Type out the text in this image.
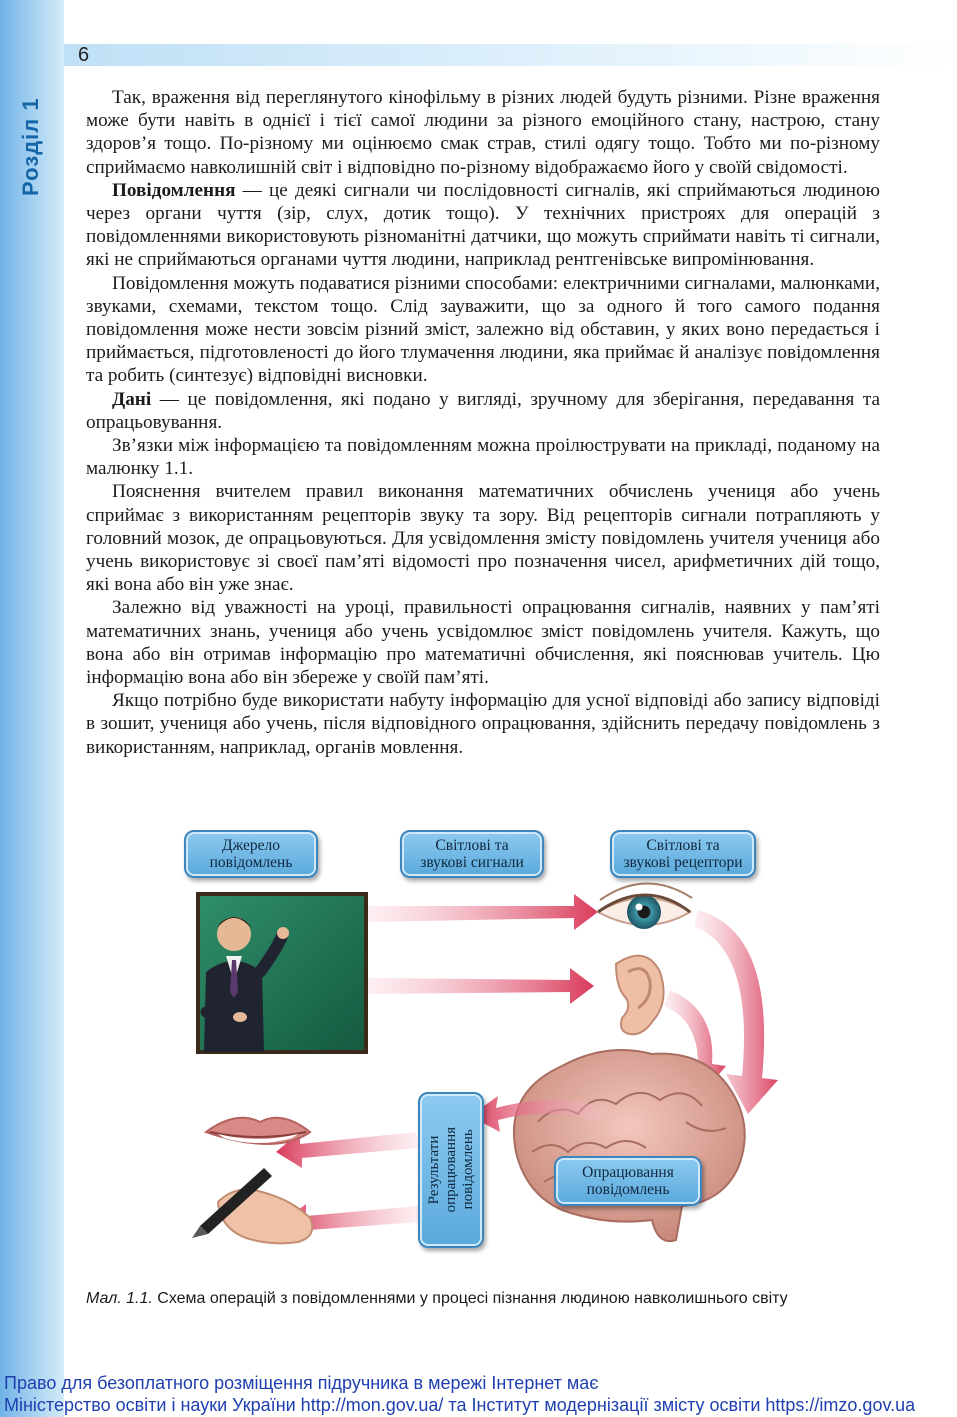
Розділ 1
6

Так, враження від переглянутого кінофільму в різних людей будуть різними. Різне враження може бути навіть в однієї і тієї самої людини за різного емоційного стану, настрою, стану здоров’я тощо. По-різному ми оцінюємо смак страв, стилі одягу тощо. Тобто ми по-різному сприймаємо навколишній світ і відповідно по-різному відображаємо його у своїй свідомості.

Повідомлення — це деякі сигнали чи послідовності сигналів, які сприймаються людиною через органи чуття (зір, слух, дотик тощо). У технічних пристроях для операцій з повідомленнями використовують різноманітні датчики, що можуть сприймати навіть ті сигнали, які не сприймаються органами чуття людини, наприклад рентгенівське випромінювання.

Повідомлення можуть подаватися різними способами: електричними сигналами, малюнками, звуками, схемами, текстом тощо. Слід зауважити, що за одного й того самого подання повідомлення може нести зовсім різний зміст, залежно від обставин, у яких воно передається і приймається, підготовленості до його тлумачення людини, яка приймає й аналізує повідомлення та робить (синтезує) відповідні висновки.

Дані — це повідомлення, які подано у вигляді, зручному для зберігання, передавання та опрацьовування.

Зв’язки між інформацією та повідомленням можна проілюструвати на прикладі, поданому на малюнку 1.1.

Пояснення вчителем правил виконання математичних обчислень учениця або учень сприймає з використанням рецепторів звуку та зору. Від рецепторів сигнали потрапляють у головний мозок, де опрацьовуються. Для усвідомлення змісту повідомлень учителя учениця або учень використовує зі своєї пам’яті відомості про позначення чисел, арифметичних дій тощо, які вона або він уже знає.

Залежно від уважності на уроці, правильності опрацювання сигналів, наявних у пам’яті математичних знань, учениця або учень усвідомлює зміст повідомлень учителя. Кажуть, що вона або він отримав інформацію про математичні обчислення, які пояснював учитель. Цю інформацію вона або він збереже у своїй пам’яті.

Якщо потрібно буде використати набуту інформацію для усної відповіді або запису відповіді в зошит, учениця або учень, після відповідного опрацювання, здійснить передачу повідомлень з використанням, наприклад, органів мовлення.

Джерело
повідомлень
Світлові та
звукові сигнали
Світлові та
звукові рецептори
Опрацювання
повідомлень
Результати опрацювання повідомлень
Мал. 1.1. Схема операцій з повідомленнями у процесі пізнання людиною навколишнього світу
Право для безоплатного розміщення підручника в мережі Інтернет має
Міністерство освіти і науки України http://mon.gov.ua/ та Інститут модернізації змісту освіти https://imzo.gov.ua
